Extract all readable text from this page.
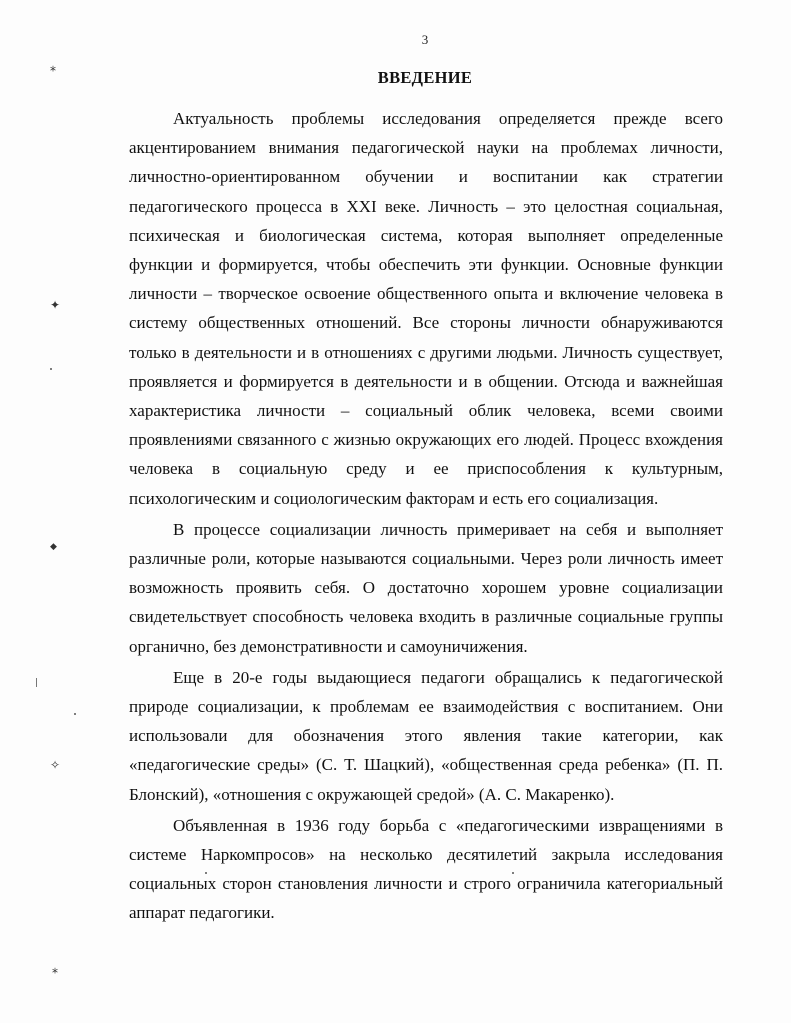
3
ВВЕДЕНИЕ

Актуальность проблемы исследования определяется прежде всего акцентированием внимания педагогической науки на проблемах личности, личностно-ориентированном обучении и воспитании как стратегии педагогического процесса в XXI веке. Личность – это целостная социальная, психическая и биологическая система, которая выполняет определенные функции и формируется, чтобы обеспечить эти функции. Основные функции личности – творческое освоение общественного опыта и включение человека в систему общественных отношений. Все стороны личности обнаруживаются только в деятельности и в отношениях с другими людьми. Личность существует, проявляется и формируется в деятельности и в общении. Отсюда и важнейшая характеристика личности – социальный облик человека, всеми своими проявлениями связанного с жизнью окружающих его людей. Процесс вхождения человека в социальную среду и ее приспособления к культурным, психологическим и социологическим факторам и есть его социализация.

В процессе социализации личность примеривает на себя и выполняет различные роли, которые называются социальными. Через роли личность имеет возможность проявить себя. О достаточно хорошем уровне социализации свидетельствует способность человека входить в различные социальные группы органично, без демонстративности и самоуничижения.

Еще в 20-е годы выдающиеся педагоги обращались к педагогической природе социализации, к проблемам ее взаимодействия с воспитанием. Они использовали для обозначения этого явления такие категории, как «педагогические среды» (С. Т. Шацкий), «общественная среда ребенка» (П. П. Блонский), «отношения с окружающей средой» (А. С. Макаренко).

Объявленная в 1936 году борьба с «педагогическими извращениями в системе Наркомпросов» на несколько десятилетий закрыла исследования социальных сторон становления личности и строго ограничила категориальный аппарат педагогики.

⁎
✦
◆
✧
⁎
